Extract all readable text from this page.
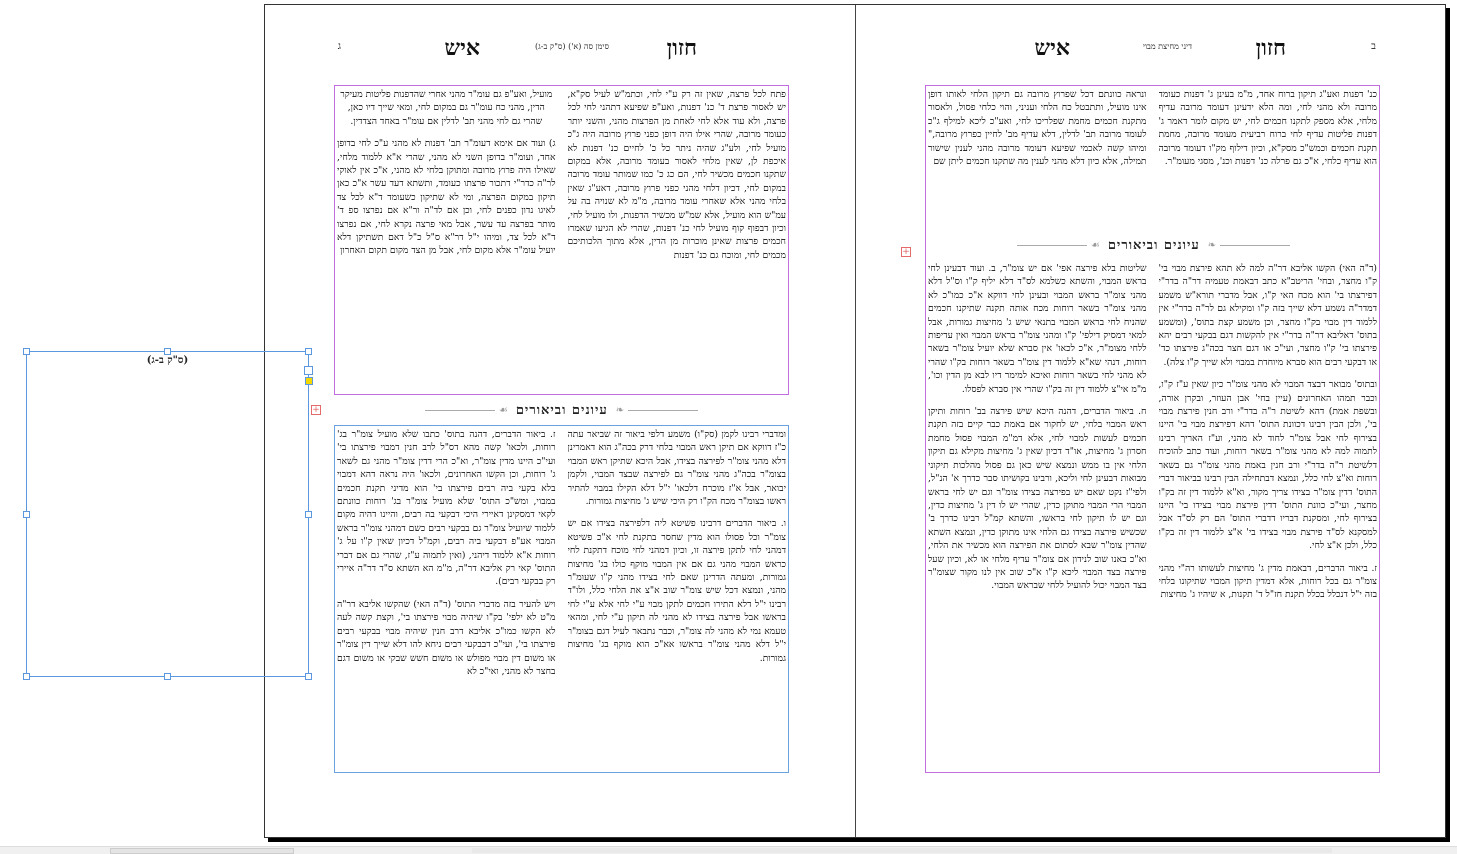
חזון
סימן סה (א') (ס"ק ב-ג)
איש
ג

פתח לכל פרצה, שאין זה רק ע"י לחי, וכתמ"ש לעיל סק"א, יש לאסור פרצת ד' כנ' דפנות, ואע"פ שפיעא דתהני לחי לכל פרצה, ולא עוד אלא לחי לאחת מן הפרצות מהני, והשני יותר כעומד מרובה, שהרי אילו היה דופן כפני פרוץ מרובה היה ג"כ מועיל לחי, ולע"ג שהיה ניתר כל כ' לחיים כנ' דפנות לא איכפת לן, שאין מלחי לאסור בעומד מרובה, אלא במקום שתקנו חכמים מכשיר לחי, הם כג כ' כמו שמותר עומד מרובה במקום לחי, דכיון דלחי מהני כפני פרוץ מרובה, דאע"ג שאין בלחי מהני אלא שאחרי עומד מרובה, מ"מ לא שנויה בה על עמ"ש הוא מועיל, אלא שמ"ש מכשיר הדפנות, ולו מועיל לחי, וכיון דבפוף קוף מועיל לחי כנ' דפנות, שהרי לא הגיעו שאמרו חכמים פרצות שאינן מוכרות מן הדין, אלא מתוך הלכותיכם מכמים לחי, ומוכח גם כנ' דפנות

מועיל, ואע"פ גם עומ"ר מהני אחרי שהדפנות פליטות מעיקר הדין, מהני כח עומ"ר גם במקום לחי, ומאי שייך דיו כאן, שהרי גם לחי מהני תב' לדלין אם עומ"ר באחד הצדדין.

ג) ועוד אם אימא דעומ"ר תב' דפנות לא מהני ע"כ לחי בדופן אחד, ועומ"ר בדופן השני לא מהני, שהרי א"א ללמוד מלחי, שאילו היה פרוץ מרובה ומתוקן בלחי לא מהני, א"כ אין לאוקי לר"ה כדר"י דתכור פרצתו כעומד, ותשתא דעד עשר א"כ כאן תיקון במקום הפרצה, ומי לא שתיקון כשעומד ד"א לכל צד לאיגו נדון כפנים לחי, וכן אם לד"ה ור"א אם נפרצו ספ ד' מותר בפרצה עד עשר, אבל מאי פרצה נקרא לחי, אם נפרצו ד"א לכל צד, ומיהו י"ל דר"א ס"ל כ"ל דאם תשתיקן דלא יועיל עומ"ר אלא מקום לחי, אבל מן הצד מקום תקום האחרון

❧
עיונים וביאורים
☙

ומדברי רבינו לקמן (סק"ו) משמע דלפי ביאור זה שביאר עתה כ"ז דווקא אם תיקן ראש המבוי בלחי דרק בכה"ג הוא דאמרינן דלא מהני צומ"ר לפירצה בצידו, אבל היכא שתיקן ראש המבוי בצומ"ר בכה"ג מהני צומ"ר גם לפירצה שבצד המבוי, ולקמן יבואר, אבל א"ז מוכרח דלכאו' י"ל דלא הקילו במבוי להתיר ראשו בצומ"ר מכח הק"ו רק היכי שיש ג' מחיצות גמורות.

ו. ביאור הדברים דרבינו פשיטא ליה דלפירצה בצידו אם יש צומ"ר וכל פסולו הוא מדין שחסר בתקנת לחי א"כ פשיטא דמהני לחי לתקן פירצה זו, וכיון דמהני לחי מוכח דתקנת לחי כראש המבוי מהני גם אם אין המבוי מוקף כולו בג' מחיצות גמורות, ומעתה הדרינן שאם לחי בצידו מהני ק"ו שעומ"ר מהני, ונמצא דכל שיש צומ"ר שוב א"צ את הלחי כלל, ולו"ד רבינו י"ל דלא התירו חכמים לתקן מבוי ע"י לחי אלא ע"י לחי בראשו אבל פירצה בצידו לא מהני לה תיקון ע"י לחי, ומהאי טעמא נמי לא מהני לה צומ"ר, וכבר נתבאר לעיל דגם בצומ"ר י"ל דלא מהני צומ"ר בראשו אא"כ הוא מוקף בג' מחיצות גמורות.

ז. ביאור הדברים, דהנה בתוס' כתבו שלא מועיל צומ"ר בג' רוחות, ולכאו' קשה מהא דס"ל לרב חנין דמבוי פירצתו בי' ועי"כ היינו מדין צומ"ר, וא"כ הרי דדין צומ"ר מהני גם לשאר ג' רוחות, וכן הקשו האחרונים, ולכאו' היה נראה דהא דמבוי בלא בקעי ביה רבים פירצתו בי' הוא מדיני תקנת חכמים במבוי, ומש"כ התוס' שלא מועיל צומ"ר בג' רוחות כוונתם לקאי דמסקינן דאיירי היכי דבקעי בה רבים, והיינו דהיה מקום ללמוד שיועיל צומ"ר גם בבקעי רבים כשם דמהני צומ"ר בראש המבוי אע"פ דבקעי ביה רבים, וקמ"ל דכיון שאין ק"ו על ג' רוחות א"א ללמוד דיהני, (ואין לתמוה ע"ז, שהרי גם אם דברי התוס' קאי רק אליבא דר"ה, מ"מ הא השתא ס"ד דר"ה איירי רק בבקעי רבים).

ויש להעיר בזה מדברי התוס' (ד"ה האי) שהקשו אליבא דר"ה מ"ט לא ילפי' בק"ו שיהיה מבוי פירצתו בי', וקצת קשה לעה לא הקשו כמו"כ אליבא דרב חנין שיהיה מבוי בבקעי רבים פירצתו בי', ועי"כ דבבקעי רבים ניחא להו דלא שייך דין צומ"ר או משום דין מבוי מפולש או משום חשש שבקי או משום דגם בחצר לא מהני, ואי"כ לא

חזון
דיני מחיצת מבוי
איש	ב

כנ' דפנות ואע"ג תיקון ברוח אחד, מ"מ בעינן ג' דפנות כעומד מרובה ולא מהני לחי, ומה הלא ידעינן דעומד מרובה עדיף מלחי, אלא מספק לתקנו חכמים לחי, יש מקום לומר דאמר ג' דפנות פליטות עדיף לחי ברוח רביעית מעומד מרובה, מחמת תקנת חכמים וכמש"כ מסק"א, וכיון דילוף מק"ו דעומד מרובה הוא עדיף כלחי, א"כ גם פרלה כנ' דפנות וכנ', מסגי מעומ"ר.

ונראה כוונתם דכל שפרוץ מרובה גם תיקון הלחי לאותו דופן אינו מועיל, ותתבטל כח הלחי ועניני, והוי כלחי פסול, ולאסור מתקנת חכמים מחמת שפלריכו לחי, ואע"כ ליכא למילף ג"כ לעומד מרובה תב' לדלין, דלא עדיף מב' לחיין כפרוץ מרובה," ומיהו קשה לאכמי שפיעא דעומד מרובה מהני לענין שישור תמילה, אלא כיון דלא מהני לענין מה שתקנו חכמים ליתן שם

❧
עיונים וביאורים
☙

(ד"ה האי) הקשו אליבא דר"ה למה לא תהא פירצת מבוי בי' ק"ו מחצר, ובחי' הריטב"א כתב דבאמת טעמיה דר"ה בדר"י דפירצתו בי' הוא מכח האי ק"ו, אבל מדברי תורא"ש משמע דמדר"ה נשמע דלא שייך בזה ק"ו ומקילא גם לר"ה בדר"י אין ללמוד דין מבוי בק"ו מחצר, וכן משמע קצת בתוס', (ומשמע בתוס' דאליבא דר"ה בדר"י אין להקשות דגם בבקעי רבים יהא פירצתו בי' ק"ו מחצר, ועי"כ או דגם חצר בכה"ג פירצתו כד' או דבקעי רבים הוא סברא מיוחדת במבוי ולא שייך ק"ו צלה).

ובתוס' מבואר דבצד המבוי לא מהני צומ"ר כיון שאין ע"ז ק"ו, וכבר תמהו האחרונים (עיין בחי' אבן העוזר, ובקרן אורה, ובשפת אמת) דהא לשיטת ר"ה בדר"י ורב חנין פירצת מבוי בי', ולכן הבין רבינו דכוונת התוס' דהא דפירצת מבוי בי' היינו בצירוף לחי אבל צומ"ר לחוד לא מהני, וע"ז האריך רבינו לתמוה למה לא מהני צומ"ר בשאר רוחות, ועוד כתב להוכיח דלשיטת ר"ה בדר"י ורב חנין באמת מהני צומ"ר גם בשאר רוחות וא"צ לחי כלל, ונמצא דבתחילה הבין רבינו בביאור דברי התוס' דדין צומ"ר בצידו צריך מקור, וא"א ללמוד דין זה בק"ו מחצר, ועי"כ כוונת התוס' דדין פירצת מבוי בצידו בי' היינו בצירוף לחי, ומסקנת דבריו דדברי התוס' הם רק לס"ד אבל למסקנא לס"ד פירצת מבוי בצידו בי' א"צ ללמוד דין זה בק"ו כלל, ולכן א"צ לחי.

ז. ביאור הדברים, דבאמת מדין ג' מחיצות לעשותו רה"י מהני צומ"ר גם בכל רוחות, אלא דמדין תיקון המבוי שתיקונו בלחי בזה י"ל דנכלל בכלל תקנת חז"ל ד' תקנות, א שיהיו ג' מחיצות

שליטות בלא פירצה אפי' אם יש צומ"ר, ב. ועוד דבעינן לחי בראש המבוי, והשתא כשלמא לס"ד דלא יליף ק"ו וס"ל דלא מהני צומ"ר בראש המבוי ובעינן לחי דווקא א"כ כמו"כ לא מהני צומ"ר בשאר רוחות מכח אותה תקנה שתיקנו חכמים שהניח לחי בראש המבוי בתנאי שיש ג' מחיצות גמורות, אבל למאי דמסיק דילפי' ק"ו ומהני צומ"ר בראש המבוי ואין עדיפות ללחי מצומ"ר, א"כ לכאו' אין סברא שלא יועיל צומ"ר בשאר רוחות, דנהי שא"א ללמוד דין צומ"ר בשאר רוחות בק"ו שהרי לא מהני לחי בשאר רוחות ואיכא למימר דיו לבא מן הדין וכו', מ"מ אי"צ ללמוד דין זה בק"ו שהרי אין סברא לפסלו.

ח. ביאור הדברים, דהנה היכא שיש פירצה בב' רוחות ותיקן ראש המבוי בלחי, יש לחקור אם באמת כבר קיים בזה תקנת חכמים לעשות למבוי לחי, אלא דמ"מ המבוי פסול מחמת חסרון ג' מחיצות, או"ד דכיון שאין ג' מחיצות מקילא גם תיקון הלחי אין בו ממש ונמצא שיש כאן גם פסול מהלכות תיקוני מבואות דבעינן לחי וליכא, ורבינו בקושיתו סבר כדרך א' הנ"ל, ולפי"ז נקט שאם יש בפירצה בצידו צומ"ר וגם יש לחי בראש המבוי הרי המבוי מתוקן כדין, שהרי יש לו דין ג' מחיצות כדין, וגם יש לו תיקון לחי בראשו, והשתא קמ"ל רבינו כדרך ב' שכשיש פירצה בצידו גם הלחי אינו מתוקן כדין, ונמצא השתא שהדין צומ"ר שבא לסתום את הפירצה הוא מכשיר את הלחי, וא"כ באנו שוב לנידון אם צומ"ר עדיף מלחי או לא, וכיון שעל פירצה בצד המבוי ליכא ק"ו א"כ שוב אין לנו מקור שצומ"ר בצד המבוי יכול להועיל ללחי שבראש המבוי.

(ס"ק ב-ג)
+
+
